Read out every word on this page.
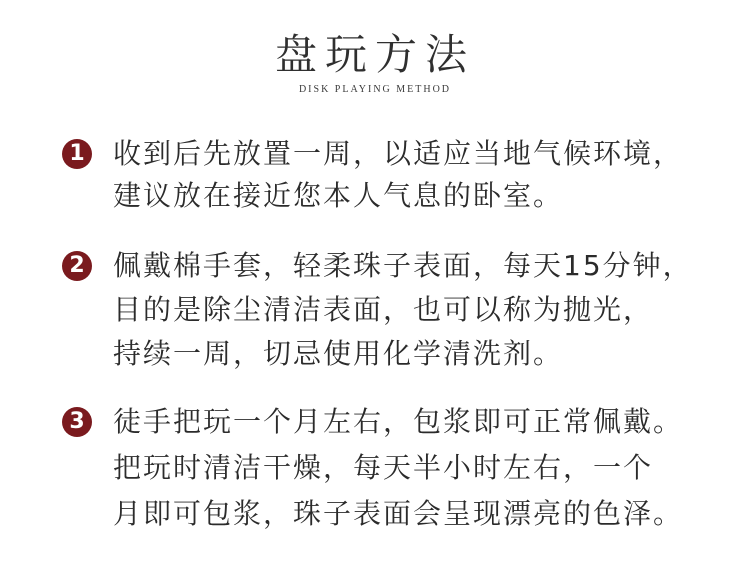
盘玩方法
DISK PLAYING METHOD
1 收到后先放置一周，以适应当地气候环境，
建议放在接近您本人气息的卧室。
2 佩戴棉手套，轻柔珠子表面，每天15分钟，
目的是除尘清洁表面，也可以称为抛光，
持续一周，切忌使用化学清洗剂。
3 徒手把玩一个月左右，包浆即可正常佩戴。
把玩时清洁干燥，每天半小时左右，一个
月即可包浆，珠子表面会呈现漂亮的色泽。
